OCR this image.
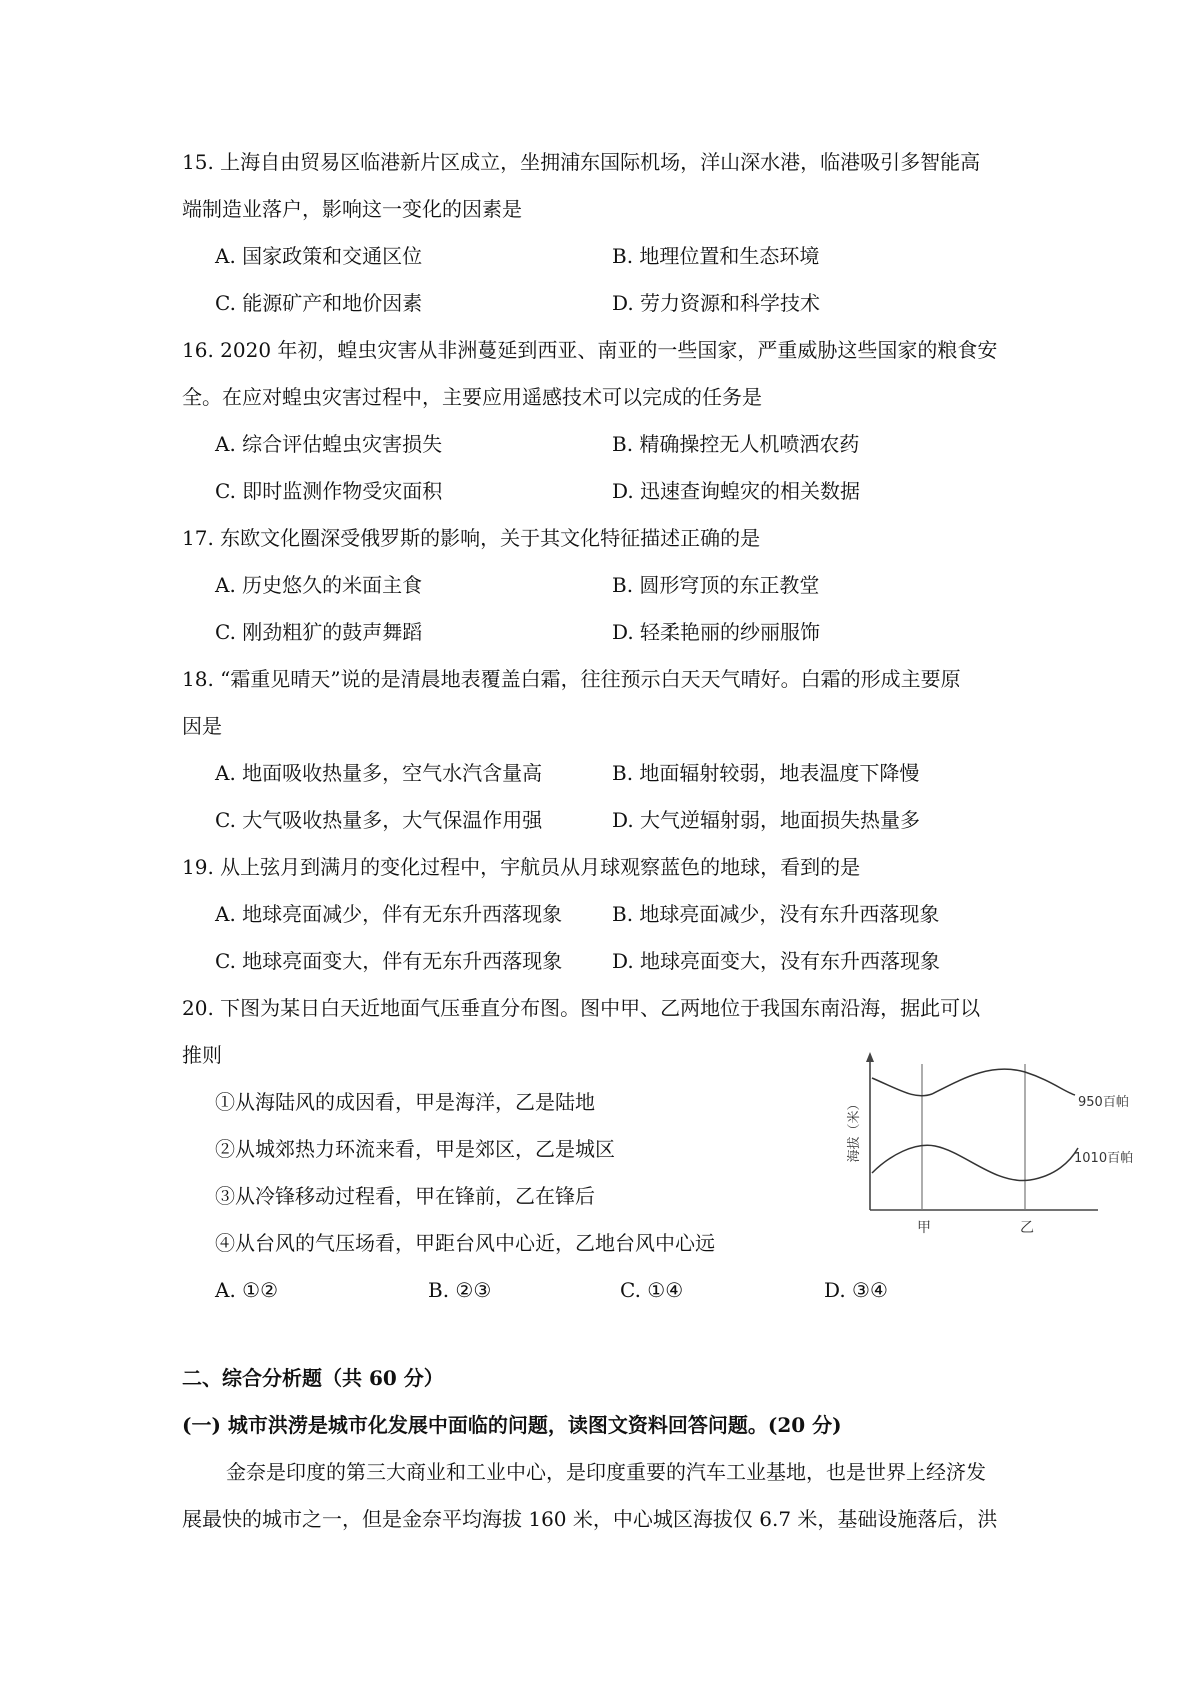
15. 上海自由贸易区临港新片区成立，坐拥浦东国际机场，洋山深水港，临港吸引多智能高
端制造业落户，影响这一变化的因素是
A. 国家政策和交通区位	B. 地理位置和生态环境
C. 能源矿产和地价因素	D. 劳力资源和科学技术
16. 2020 年初，蝗虫灾害从非洲蔓延到西亚、南亚的一些国家，严重威胁这些国家的粮食安
全。在应对蝗虫灾害过程中，主要应用遥感技术可以完成的任务是
A. 综合评估蝗虫灾害损失	B. 精确操控无人机喷洒农药
C. 即时监测作物受灾面积	D. 迅速查询蝗灾的相关数据
17. 东欧文化圈深受俄罗斯的影响，关于其文化特征描述正确的是
A. 历史悠久的米面主食	B. 圆形穹顶的东正教堂
C. 刚劲粗犷的鼓声舞蹈	D. 轻柔艳丽的纱丽服饰
18. “霜重见晴天”说的是清晨地表覆盖白霜，往往预示白天天气晴好。白霜的形成主要原
因是
A. 地面吸收热量多，空气水汽含量高	B. 地面辐射较弱，地表温度下降慢
C. 大气吸收热量多，大气保温作用强	D. 大气逆辐射弱，地面损失热量多
19. 从上弦月到满月的变化过程中，宇航员从月球观察蓝色的地球，看到的是
A. 地球亮面减少，伴有无东升西落现象 B. 地球亮面减少，没有东升西落现象
C. 地球亮面变大，伴有无东升西落现象 D. 地球亮面变大，没有东升西落现象
20. 下图为某日白天近地面气压垂直分布图。图中甲、乙两地位于我国东南沿海，据此可以
推则
①从海陆风的成因看，甲是海洋，乙是陆地
②从城郊热力环流来看，甲是郊区，乙是城区
③从冷锋移动过程看，甲在锋前，乙在锋后
④从台风的气压场看，甲距台风中心近，乙地台风中心远
A. ①②	B. ②③	C. ①④	D. ③④
海拔（米）
甲	乙
950百帕
1010百帕
二、综合分析题（共 60 分）
(一) 城市洪涝是城市化发展中面临的问题，读图文资料回答问题。(20 分)
金奈是印度的第三大商业和工业中心，是印度重要的汽车工业基地，也是世界上经济发
展最快的城市之一，但是金奈平均海拔 160 米，中心城区海拔仅 6.7 米，基础设施落后，洪
